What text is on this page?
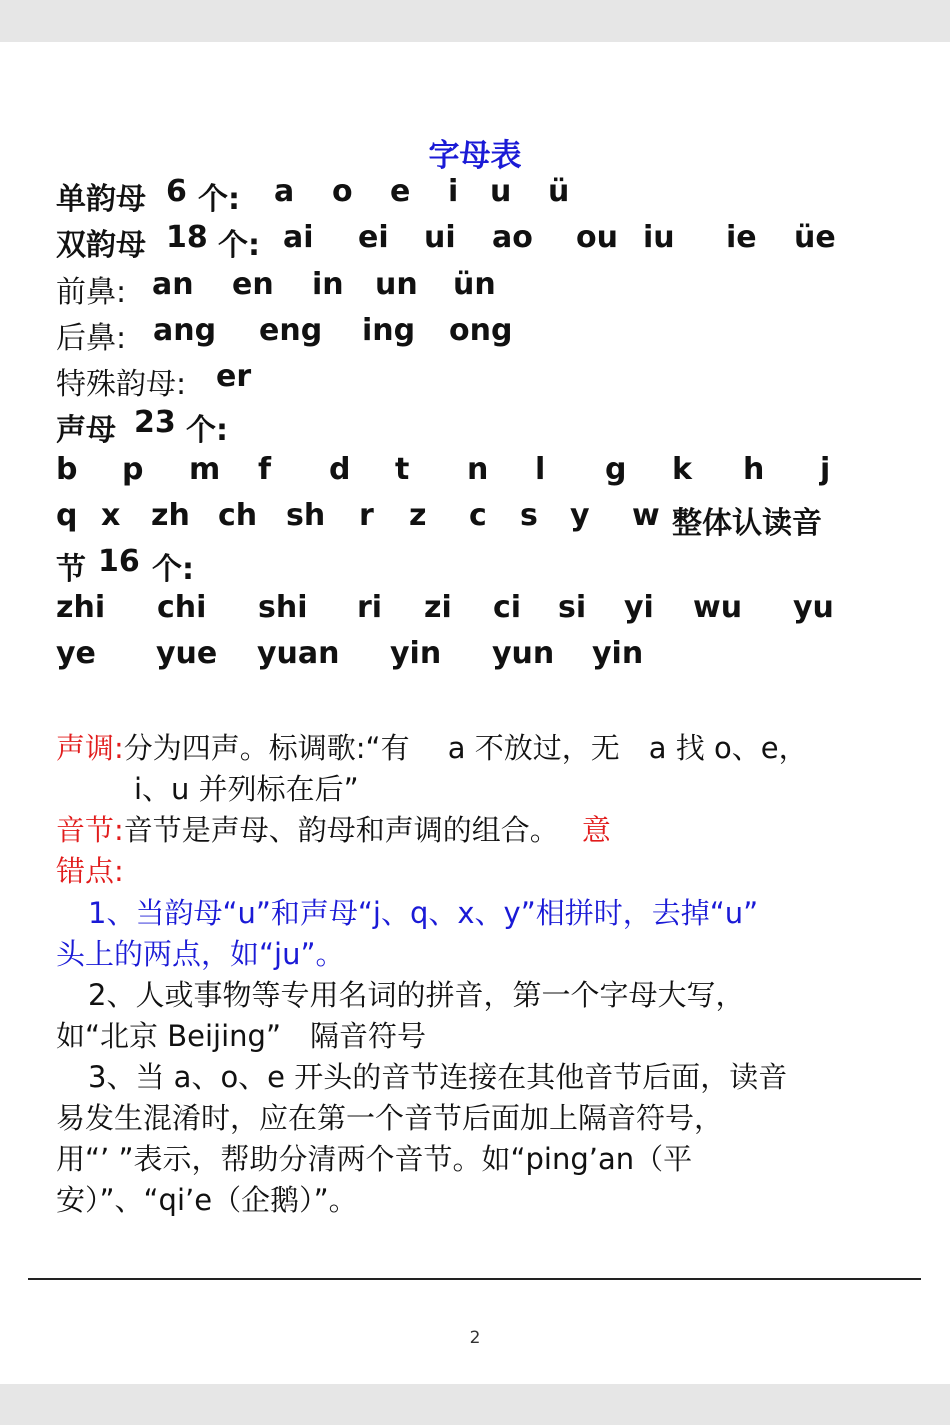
字母表
单韵母 6 个: a o e i u ü
双韵母 18 个: ai ei ui ao ou iu ie üe
前鼻: an en in un ün
后鼻: ang eng ing ong
特殊韵母: er
声母 23 个:
b p m f d t n l g k h j
q x zh ch sh r z c s y w 整体认读音
节 16 个:
zhi chi shi ri zi ci si yi wu yu
ye yue yuan yin yun yin
声调:分为四声。标调歌:“有　 a 不放过，无　a 找 o、e，
i、u 并列标在后”
音节:音节是声母、韵母和声调的组合。 意
错点:
1、当韵母“u”和声母“j、q、x、y”相拼时，去掉“u”
头上的两点，如“ju”。
2、人或事物等专用名词的拼音，第一个字母大写，
如“北京 Beijing”　隔音符号
3、当 a、o、e 开头的音节连接在其他音节后面，读音
易发生混淆时，应在第一个音节后面加上隔音符号，
用“’ ”表示，帮助分清两个音节。如“ping’an（平
安）”、“qi’e（企鹅）”。
2
